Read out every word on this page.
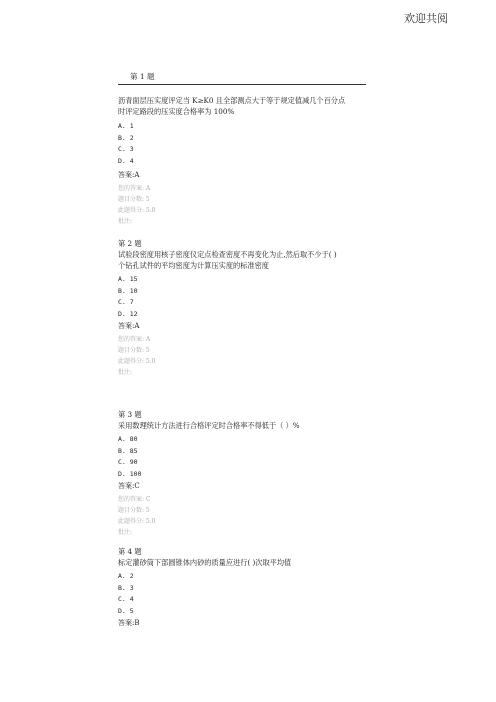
欢迎共阅
第 1 题
沥青面层压实度评定当 K≥K0 且全部测点大于等于规定值减几个百分点
时评定路段的压实度合格率为 100%
A. 1
B. 2
C. 3
D. 4
答案:A
您的答案: A
题目分数: 5
此题得分: 5.0
批注:
第 2 题
试验段密度用核子密度仪定点检查密度不再变化为止,然后取不少于( )
个钻孔试件的平均密度为计算压实度的标准密度
A. 15
B. 10
C. 7
D. 12
答案:A
您的答案: A
题目分数: 5
此题得分: 5.0
批注:
第 3 题
采用数理统计方法进行合格评定时合格率不得低于（ ）%
A. 80
B. 85
C. 90
D. 100
答案:C
您的答案: C
题目分数: 5
此题得分: 5.0
批注:
第 4 题
标定灌砂筒下部圆锥体内砂的质量应进行( )次取平均值
A. 2
B. 3
C. 4
D. 5
答案:B
